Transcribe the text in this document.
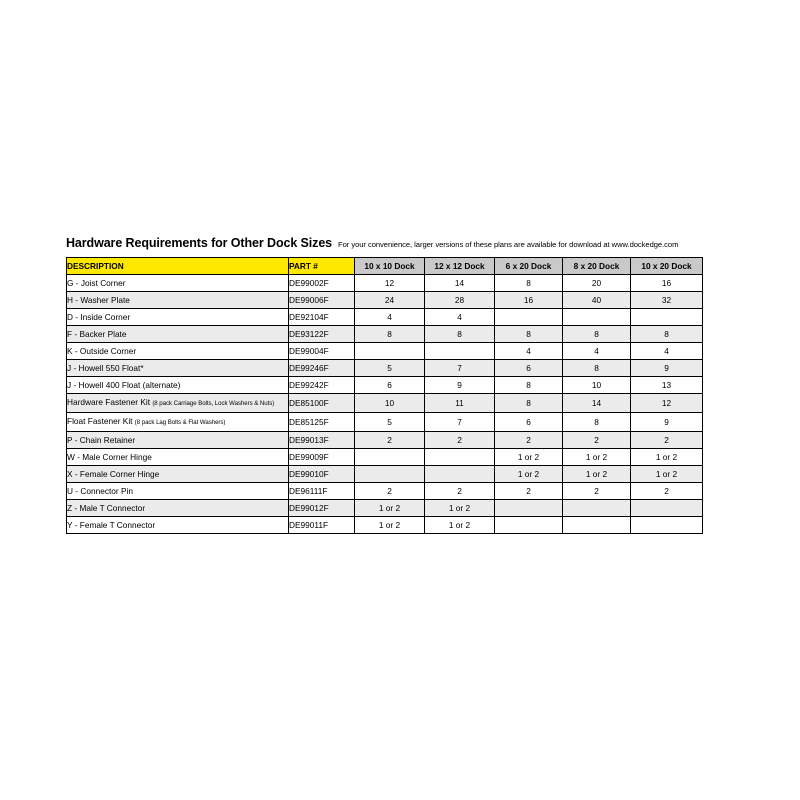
Hardware Requirements for Other Dock Sizes For your convenience, larger versions of these plans are available for download at www.dockedge.com
DESCRIPTION	PART #	10 x 10 Dock	12 x 12 Dock	6 x 20 Dock	8 x 20 Dock	10 x 20 Dock
G - Joist Corner	DE99002F	12	14	8	20	16
H - Washer Plate	DE99006F	24	28	16	40	32
D - Inside Corner	DE92104F	4	4			
F - Backer Plate	DE93122F	8	8	8	8	8
K - Outside Corner	DE99004F			4	4	4
J - Howell 550 Float*	DE99246F	5	7	6	8	9
J - Howell 400 Float (alternate)	DE99242F	6	9	8	10	13
Hardware Fastener Kit (8 pack Carriage Bolts, Lock Washers & Nuts)	DE85100F	10	11	8	14	12
Float Fastener Kit (8 pack Lag Bolts & Flat Washers)	DE85125F	5	7	6	8	9
P - Chain Retainer	DE99013F	2	2	2	2	2
W - Male Corner Hinge	DE99009F			1 or 2	1 or 2	1 or 2
X - Female Corner Hinge	DE99010F			1 or 2	1 or 2	1 or 2
U - Connector Pin	DE96111F	2	2	2	2	2
Z - Male T Connector	DE99012F	1 or 2	1 or 2			
Y - Female T Connector	DE99011F	1 or 2	1 or 2			
